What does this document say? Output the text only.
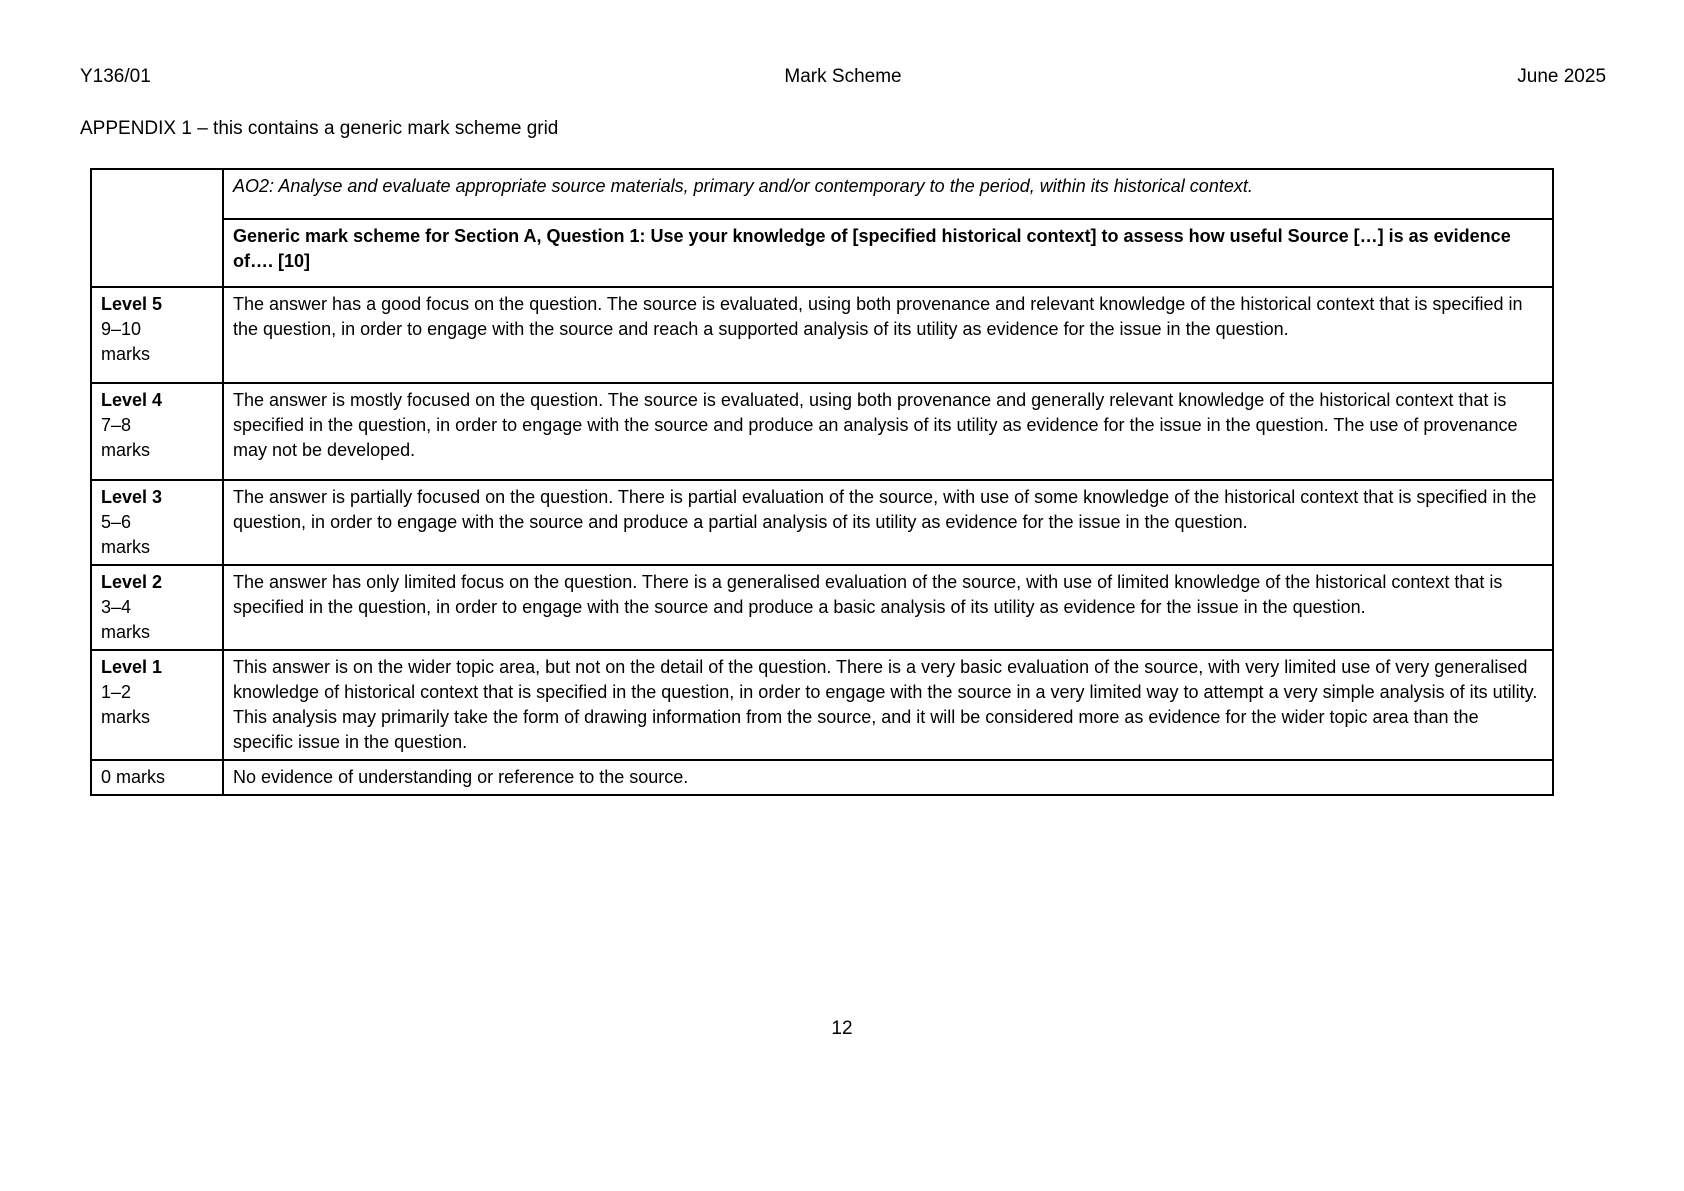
Y136/01	Mark Scheme	June 2025
APPENDIX 1 – this contains a generic mark scheme grid
	AO2: Analyse and evaluate appropriate source materials, primary and/or contemporary to the period, within its historical context.
	Generic mark scheme for Section A, Question 1: Use your knowledge of [specified historical context] to assess how useful Source […] is as evidence of…. [10]

Level 5
9–10
marks
	The answer has a good focus on the question. The source is evaluated, using both provenance and relevant knowledge of the historical context that is specified in the question, in order to engage with the source and reach a supported analysis of its utility as evidence for the issue in the question.

Level 4
7–8
marks
	The answer is mostly focused on the question. The source is evaluated, using both provenance and generally relevant knowledge of the historical context that is specified in the question, in order to engage with the source and produce an analysis of its utility as evidence for the issue in the question. The use of provenance may not be developed.

Level 3
5–6
marks
	The answer is partially focused on the question. There is partial evaluation of the source, with use of some knowledge of the historical context that is specified in the question, in order to engage with the source and produce a partial analysis of its utility as evidence for the issue in the question.

Level 2
3–4
marks
	The answer has only limited focus on the question. There is a generalised evaluation of the source, with use of limited knowledge of the historical context that is specified in the question, in order to engage with the source and produce a basic analysis of its utility as evidence for the issue in the question.

Level 1
1–2
marks
	This answer is on the wider topic area, but not on the detail of the question. There is a very basic evaluation of the source, with very limited use of very generalised knowledge of historical context that is specified in the question, in order to engage with the source in a very limited way to attempt a very simple analysis of its utility. This analysis may primarily take the form of drawing information from the source, and it will be considered more as evidence for the wider topic area than the specific issue in the question.
0 marks	No evidence of understanding or reference to the source.
12
